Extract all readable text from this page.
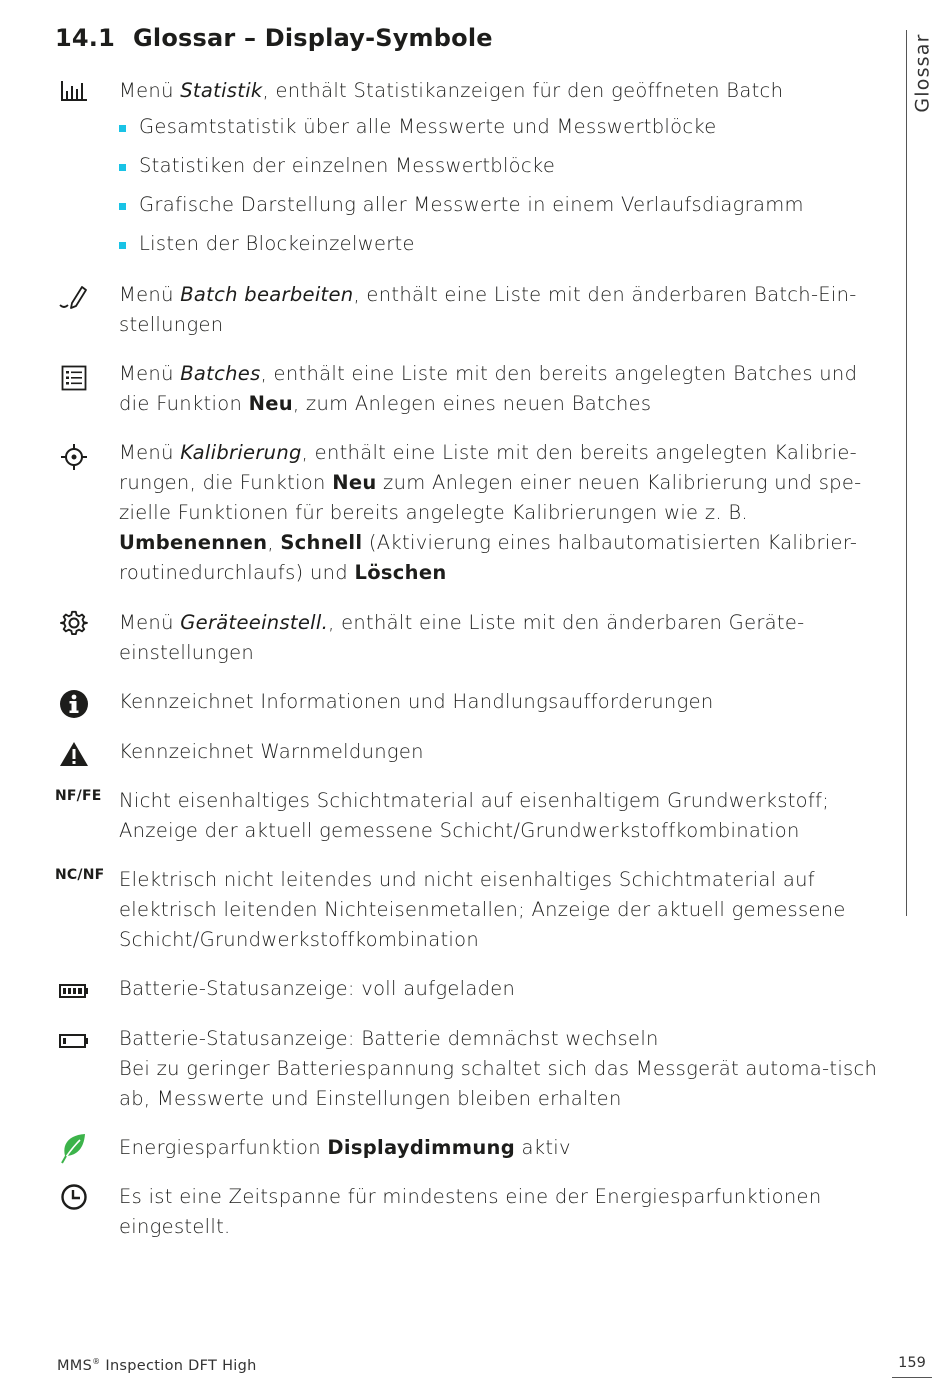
14.1 Glossar – Display-Symbole	Glossar
Menü Statistik, enthält Statistikanzeigen für den geöffneten Batch
Gesamtstatistik über alle Messwerte und Messwertblöcke
Statistiken der einzelnen Messwertblöcke
Grafische Darstellung aller Messwerte in einem Verlaufsdiagramm
Listen der Blockeinzelwerte
Menü Batch bearbeiten, enthält eine Liste mit den änderbaren Batch-Ein-stellungen
Menü Batches, enthält eine Liste mit den bereits angelegten Batches und die Funktion Neu, zum Anlegen eines neuen Batches
Menü Kalibrierung, enthält eine Liste mit den bereits angelegten Kalibrie-rungen, die Funktion Neu zum Anlegen einer neuen Kalibrierung und spe-zielle Funktionen für bereits angelegte Kalibrierungen wie z. B. Umbenennen, Schnell (Aktivierung eines halbautomatisierten Kalibrier-routinedurchlaufs) und Löschen
Menü Geräteeinstell., enthält eine Liste mit den änderbaren Geräte-einstellungen
Kennzeichnet Informationen und Handlungsaufforderungen
Kennzeichnet Warnmeldungen
NF/FE Nicht eisenhaltiges Schichtmaterial auf eisenhaltigem Grundwerkstoff;
Anzeige der aktuell gemessene Schicht/Grundwerkstoffkombination
NC/NF Elektrisch nicht leitendes und nicht eisenhaltiges Schichtmaterial auf elektrisch leitenden Nichteisenmetallen; Anzeige der aktuell gemessene Schicht/Grundwerkstoffkombination
Batterie-Statusanzeige: voll aufgeladen
Batterie-Statusanzeige: Batterie demnächst wechseln
Bei zu geringer Batteriespannung schaltet sich das Messgerät automa-tisch ab, Messwerte und Einstellungen bleiben erhalten
Energiesparfunktion Displaydimmung aktiv
Es ist eine Zeitspanne für mindestens eine der Energiesparfunktionen eingestellt.
MMS® Inspection DFT High	159
